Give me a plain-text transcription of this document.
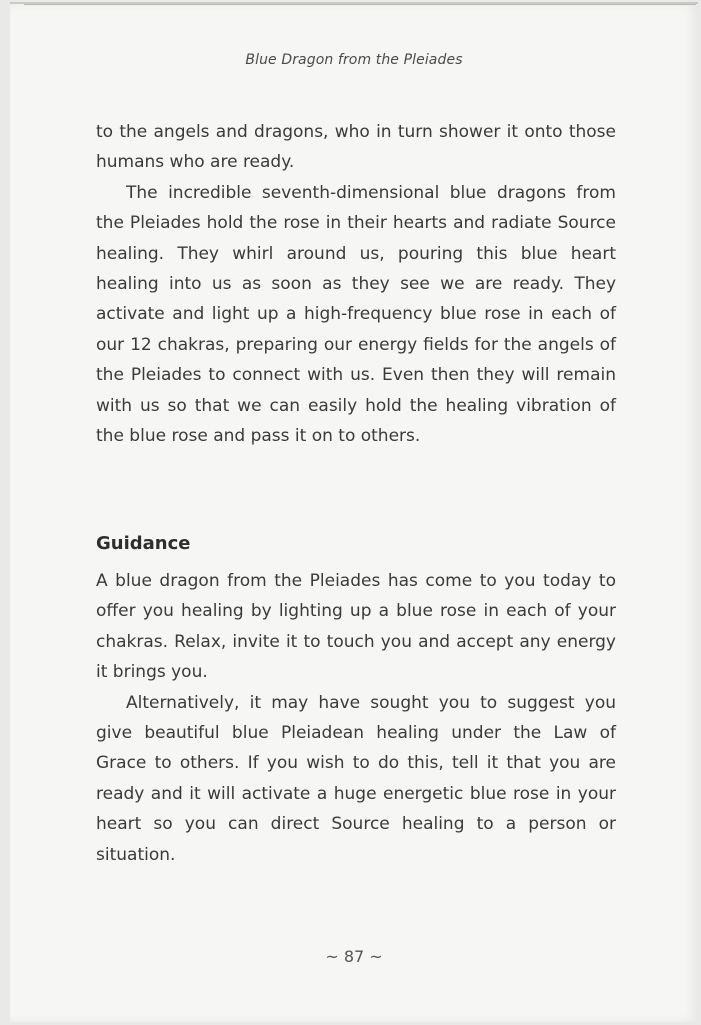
Blue Dragon from the Pleiades

to the angels and dragons, who in turn shower it onto those humans who are ready.

The incredible seventh-dimensional blue dragons from the Pleiades hold the rose in their hearts and radiate Source healing. They whirl around us, pouring this blue heart healing into us as soon as they see we are ready. They activate and light up a high-frequency blue rose in each of our 12 chakras, preparing our energy fields for the angels of the Pleiades to connect with us. Even then they will remain with us so that we can easily hold the healing vibration of the blue rose and pass it on to others.

Guidance

A blue dragon from the Pleiades has come to you today to offer you healing by lighting up a blue rose in each of your chakras. Relax, invite it to touch you and accept any energy it brings you.

Alternatively, it may have sought you to suggest you give beautiful blue Pleiadean healing under the Law of Grace to others. If you wish to do this, tell it that you are ready and it will activate a huge energetic blue rose in your heart so you can direct Source healing to a person or situation.

~ 87 ~
